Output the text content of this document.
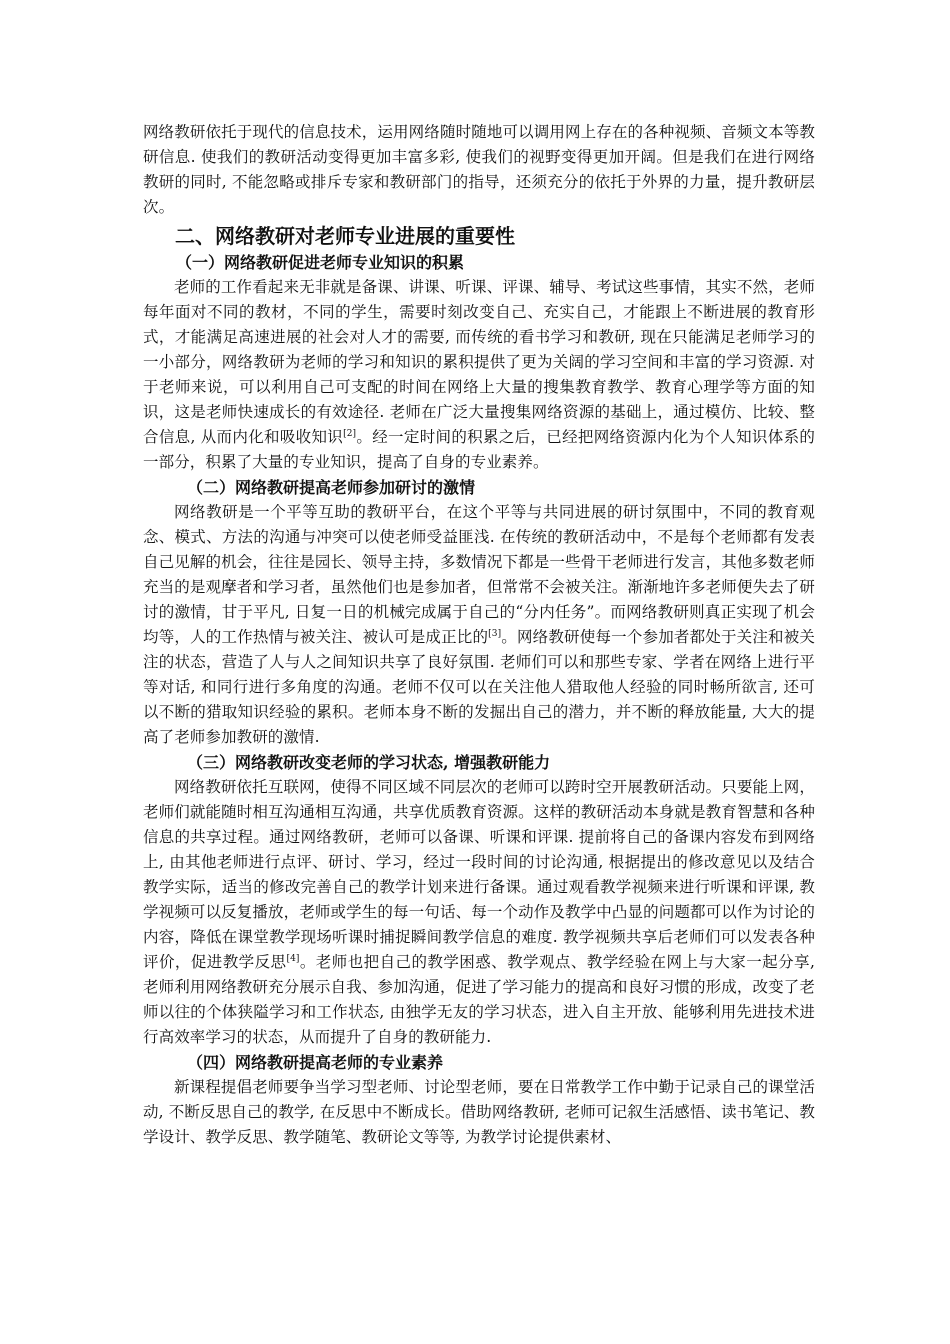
网络教研依托于现代的信息技术，运用网络随时随地可以调用网上存在的各种视频、音频文本等教研信息. 使我们的教研活动变得更加丰富多彩, 使我们的视野变得更加开阔。但是我们在进行网络教研的同时, 不能忽略或排斥专家和教研部门的指导，还须充分的依托于外界的力量，提升教研层次。

二、网络教研对老师专业进展的重要性
（一）网络教研促进老师专业知识的积累

老师的工作看起来无非就是备课、讲课、听课、评课、辅导、考试这些事情，其实不然，老师每年面对不同的教材，不同的学生，需要时刻改变自己、充实自己，才能跟上不断进展的教育形式，才能满足高速进展的社会对人才的需要, 而传统的看书学习和教研, 现在只能满足老师学习的一小部分，网络教研为老师的学习和知识的累积提供了更为关阔的学习空间和丰富的学习资源. 对于老师来说，可以利用自己可支配的时间在网络上大量的搜集教育教学、教育心理学等方面的知识，这是老师快速成长的有效途径. 老师在广泛大量搜集网络资源的基础上，通过模仿、比较、整合信息, 从而内化和吸收知识[2]。经一定时间的积累之后，已经把网络资源内化为个人知识体系的一部分，积累了大量的专业知识，提高了自身的专业素养。

（二）网络教研提高老师参加研讨的激情

网络教研是一个平等互助的教研平台，在这个平等与共同进展的研讨氛围中，不同的教育观念、模式、方法的沟通与冲突可以使老师受益匪浅. 在传统的教研活动中，不是每个老师都有发表自己见解的机会，往往是园长、领导主持，多数情况下都是一些骨干老师进行发言，其他多数老师充当的是观摩者和学习者，虽然他们也是参加者，但常常不会被关注。渐渐地许多老师便失去了研讨的激情，甘于平凡, 日复一日的机械完成属于自己的“分内任务”。而网络教研则真正实现了机会均等，人的工作热情与被关注、被认可是成正比的[3]。网络教研使每一个参加者都处于关注和被关注的状态，营造了人与人之间知识共享了良好氛围. 老师们可以和那些专家、学者在网络上进行平等对话, 和同行进行多角度的沟通。老师不仅可以在关注他人猎取他人经验的同时畅所欲言, 还可以不断的猎取知识经验的累积。老师本身不断的发掘出自己的潜力，并不断的释放能量, 大大的提高了老师参加教研的激情.

（三）网络教研改变老师的学习状态, 增强教研能力

网络教研依托互联网，使得不同区域不同层次的老师可以跨时空开展教研活动。只要能上网，老师们就能随时相互沟通相互沟通，共享优质教育资源。这样的教研活动本身就是教育智慧和各种信息的共享过程。通过网络教研，老师可以备课、听课和评课. 提前将自己的备课内容发布到网络上, 由其他老师进行点评、研讨、学习，经过一段时间的讨论沟通, 根据提出的修改意见以及结合教学实际，适当的修改完善自己的教学计划来进行备课。通过观看教学视频来进行听课和评课, 教学视频可以反复播放，老师或学生的每一句话、每一个动作及教学中凸显的问题都可以作为讨论的内容，降低在课堂教学现场听课时捕捉瞬间教学信息的难度. 教学视频共享后老师们可以发表各种评价，促进教学反思[4]。老师也把自己的教学困惑、教学观点、教学经验在网上与大家一起分享, 老师利用网络教研充分展示自我、参加沟通，促进了学习能力的提高和良好习惯的形成，改变了老师以往的个体狭隘学习和工作状态, 由独学无友的学习状态，进入自主开放、能够利用先进技术进行高效率学习的状态，从而提升了自身的教研能力.

（四）网络教研提高老师的专业素养

新课程提倡老师要争当学习型老师、讨论型老师，要在日常教学工作中勤于记录自己的课堂活动, 不断反思自己的教学, 在反思中不断成长。借助网络教研, 老师可记叙生活感悟、读书笔记、教学设计、教学反思、教学随笔、教研论文等等, 为教学讨论提供素材、
